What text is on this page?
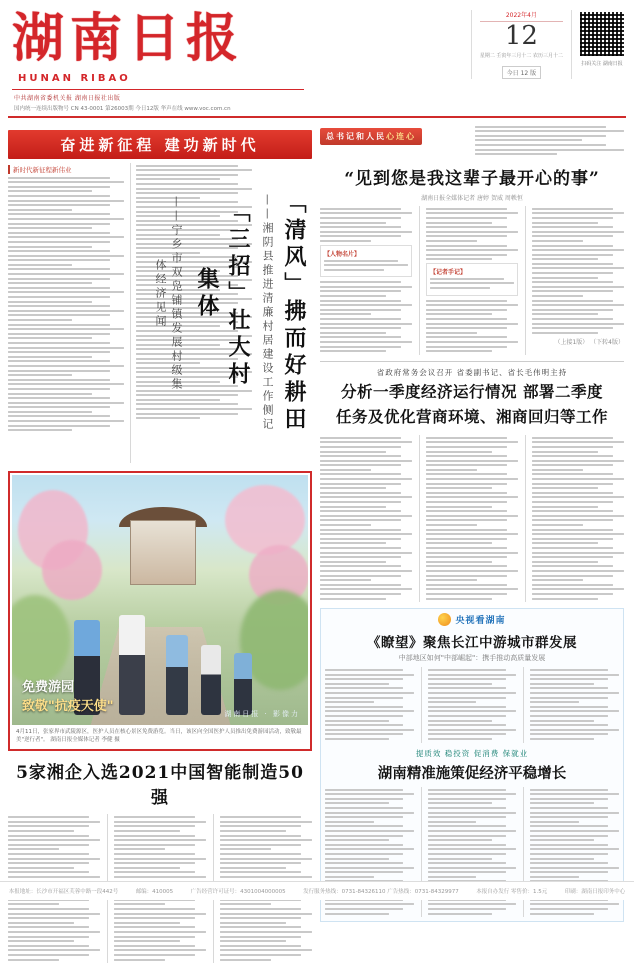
湖南日报
HUNAN RIBAO
中共湖南省委机关报 湖南日报社出版
国内统一连续出版物号 CN 43-0001 第26003期 今日12版 华声在线 www.voc.com.cn
2022年4月
12
星期二 壬寅年三月十二 农历三月十二
今日 12 版
扫码关注 湖南日报
奋进新征程 建功新时代
「清风」拂而好耕田
——湘阴县推进清廉村居建设工作侧记
新时代新征程新伟业
免费游园
致敬"抗疫天使"	湖南日报 · 影像力
4月11日，张家界市武陵源区，医护人员在核心景区免费游览。当日，该区向全国医护人员推出免费游园活动，致敬最美"逆行者"。 湖南日报全媒体记者 李健 摄
5家湘企入选2021中国智能制造50强
总书记和人民心连心
“见到您是我这辈子最开心的事”
湖南日报全媒体记者 唐婷 贺威 周帙恒
【人物名片】
【记者手记】
（上接1版） （下转4版）
省政府常务会议召开 省委副书记、省长毛伟明主持
分析一季度经济运行情况 部署二季度
任务及优化营商环境、湘商回归等工作
央视看湖南
《瞭望》聚焦长江中游城市群发展
中部地区如何"中部崛起"：携手推动高质量发展
提质效 稳投资 促消费 保就业
湖南精准施策促经济平稳增长
「三招」壮大村集体
——宁乡市双凫铺镇发展村级集体经济见闻
本报地址：长沙市开福区芙蓉中路一段442号	邮编：410005	广告经营许可证号：4301004000005	发行服务热线：0731-84326110 广告热线：0731-84329977	本报自办发行 零售价：1.5元	印刷：湖南日报印务中心
